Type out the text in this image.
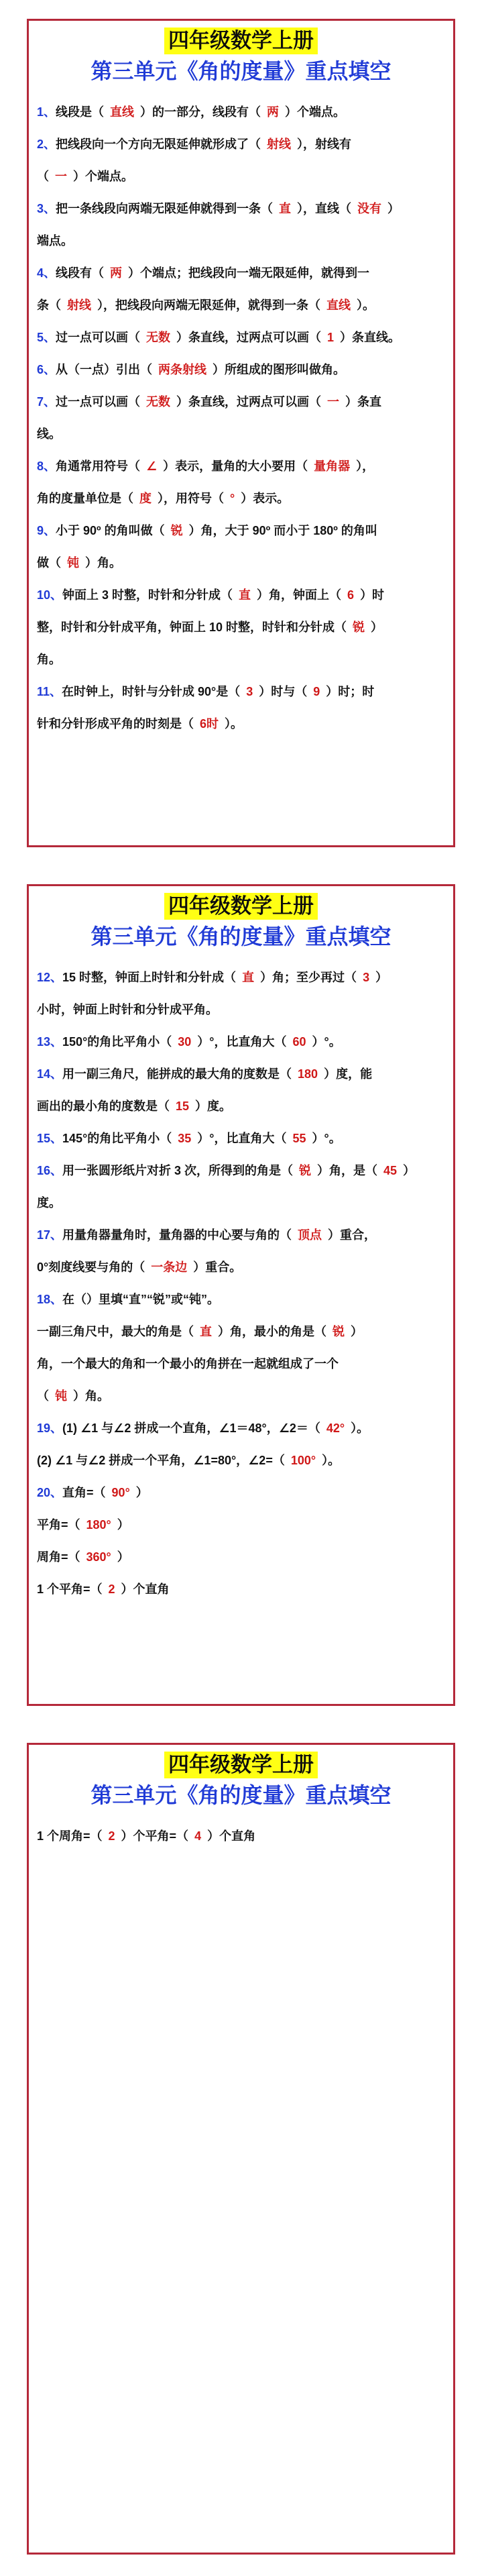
四年级数学上册
第三单元《角的度量》重点填空

1、线段是（ 直线 ）的一部分，线段有（ 两 ）个端点。

2、把线段向一个方向无限延伸就形成了（ 射线 ），射线有
（ 一 ）个端点。

3、把一条线段向两端无限延伸就得到一条（ 直 ），直线（ 没有 ）
端点。

4、线段有（ 两 ）个端点；把线段向一端无限延伸，就得到一
条（ 射线 ），把线段向两端无限延伸，就得到一条（ 直线 ）。

5、过一点可以画（ 无数 ）条直线，过两点可以画（ 1 ）条直线。

6、从（一点）引出（ 两条射线 ）所组成的图形叫做角。

7、过一点可以画（ 无数 ）条直线，过两点可以画（ 一 ）条直
线。

8、角通常用符号（ ∠ ）表示，量角的大小要用（ 量角器 ），
角的度量单位是（ 度 ），用符号（ ° ）表示。

9、小于 90º 的角叫做（ 锐 ）角，大于 90º 而小于 180º 的角叫
做（ 钝 ）角。

10、钟面上 3 时整，时针和分针成（ 直 ）角，钟面上（ 6 ）时
整，时针和分针成平角，钟面上 10 时整，时针和分针成（ 锐 ）
角。

11、在时钟上，时针与分针成 90°是（ 3 ）时与（ 9 ）时；时
针和分针形成平角的时刻是（ 6时 ）。

四年级数学上册
第三单元《角的度量》重点填空

12、15 时整，钟面上时针和分针成（ 直 ）角；至少再过（ 3 ）
小时，钟面上时针和分针成平角。

13、150°的角比平角小（ 30 ）°，比直角大（ 60 ）°。

14、用一副三角尺，能拼成的最大角的度数是（ 180 ）度，能
画出的最小角的度数是（ 15 ）度。

15、145°的角比平角小（ 35 ）°，比直角大（ 55 ）°。

16、用一张圆形纸片对折 3 次，所得到的角是（ 锐 ）角，是（ 45 ）
度。

17、用量角器量角时，量角器的中心要与角的（ 顶点 ）重合，
0°刻度线要与角的（ 一条边 ）重合。

18、在（）里填“直”“锐”或“钝”。
一副三角尺中，最大的角是（ 直 ）角，最小的角是（ 锐 ）
角，一个最大的角和一个最小的角拼在一起就组成了一个
（ 钝 ）角。

19、(1) ∠1 与∠2 拼成一个直角，∠1＝48°，∠2＝（ 42° ）。
(2) ∠1 与∠2 拼成一个平角，∠1=80°，∠2=（ 100° ）。

20、直角=（ 90° ）
平角=（ 180° ）
周角=（ 360° ）
1 个平角=（ 2 ）个直角

四年级数学上册
第三单元《角的度量》重点填空

1 个周角=（ 2 ）个平角=（ 4 ）个直角
